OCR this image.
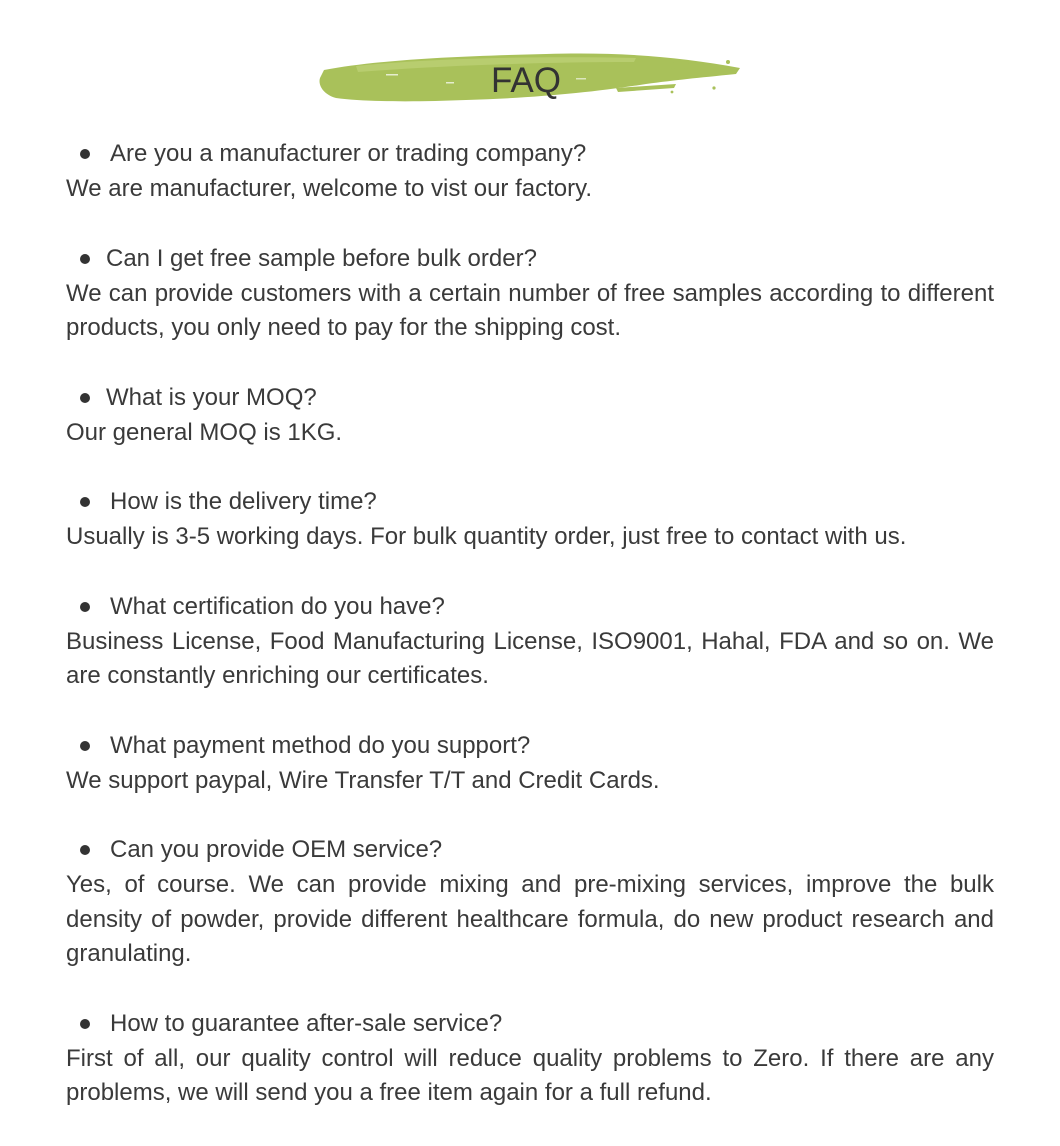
FAQ
Are you a manufacturer or trading company?
We are manufacturer, welcome to vist our factory.
Can I get free sample before bulk order?
We can provide customers with a certain number of free samples according to different products, you only need to pay for the shipping cost.
What is your MOQ?
Our general MOQ is 1KG.
How is the delivery time?
Usually is 3-5 working days. For bulk quantity order, just free to contact with us.
What certification do you have?
Business License, Food Manufacturing License, ISO9001, Hahal, FDA and so on. We are constantly enriching our certificates.
What payment method do you support?
We support paypal, Wire Transfer T/T and Credit Cards.
Can you provide OEM service?
Yes, of course. We can provide mixing and pre-mixing services, improve the bulk density of powder, provide different healthcare formula, do new product research and granulating.
How to guarantee after-sale service?
First of all, our quality control will reduce quality problems to Zero. If there are any problems, we will send you a free item again for a full refund.
